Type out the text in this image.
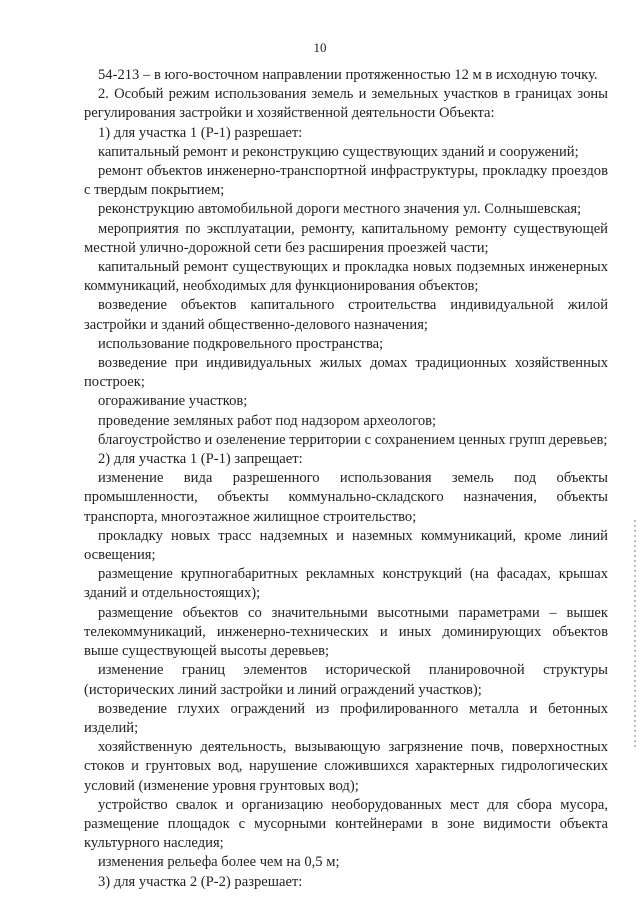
10

54-213 – в юго-восточном направлении протяженностью 12 м в исходную точку.

2. Особый режим использования земель и земельных участков в границах зоны регулирования застройки и хозяйственной деятельности Объекта:

1) для участка 1 (Р-1) разрешает:

капитальный ремонт и реконструкцию существующих зданий и сооружений;

ремонт объектов инженерно-транспортной инфраструктуры, прокладку проездов с твердым покрытием;

реконструкцию автомобильной дороги местного значения ул. Солнышевская;

мероприятия по эксплуатации, ремонту, капитальному ремонту существующей местной улично-дорожной сети без расширения проезжей части;

капитальный ремонт существующих и прокладка новых подземных инженерных коммуникаций, необходимых для функционирования объектов;

возведение объектов капитального строительства индивидуальной жилой застройки и зданий общественно-делового назначения;

использование подкровельного пространства;

возведение при индивидуальных жилых домах традиционных хозяйственных построек;

огораживание участков;

проведение земляных работ под надзором археологов;

благоустройство и озеленение территории с сохранением ценных групп деревьев;

2) для участка 1 (Р-1) запрещает:

изменение вида разрешенного использования земель под объекты промышленности, объекты коммунально-складского назначения, объекты транспорта, многоэтажное жилищное строительство;

прокладку новых трасс надземных и наземных коммуникаций, кроме линий освещения;

размещение крупногабаритных рекламных конструкций (на фасадах, крышах зданий и отдельностоящих);

размещение объектов со значительными высотными параметрами – вышек телекоммуникаций, инженерно-технических и иных доминирующих объектов выше существующей высоты деревьев;

изменение границ элементов исторической планировочной структуры (исторических линий застройки и линий ограждений участков);

возведение глухих ограждений из профилированного металла и бетонных изделий;

хозяйственную деятельность, вызывающую загрязнение почв, поверхностных стоков и грунтовых вод, нарушение сложившихся характерных гидрологических условий (изменение уровня грунтовых вод);

устройство свалок и организацию необорудованных мест для сбора мусора, размещение площадок с мусорными контейнерами в зоне видимости объекта культурного наследия;

изменения рельефа более чем на 0,5 м;

3) для участка 2 (Р-2) разрешает:
